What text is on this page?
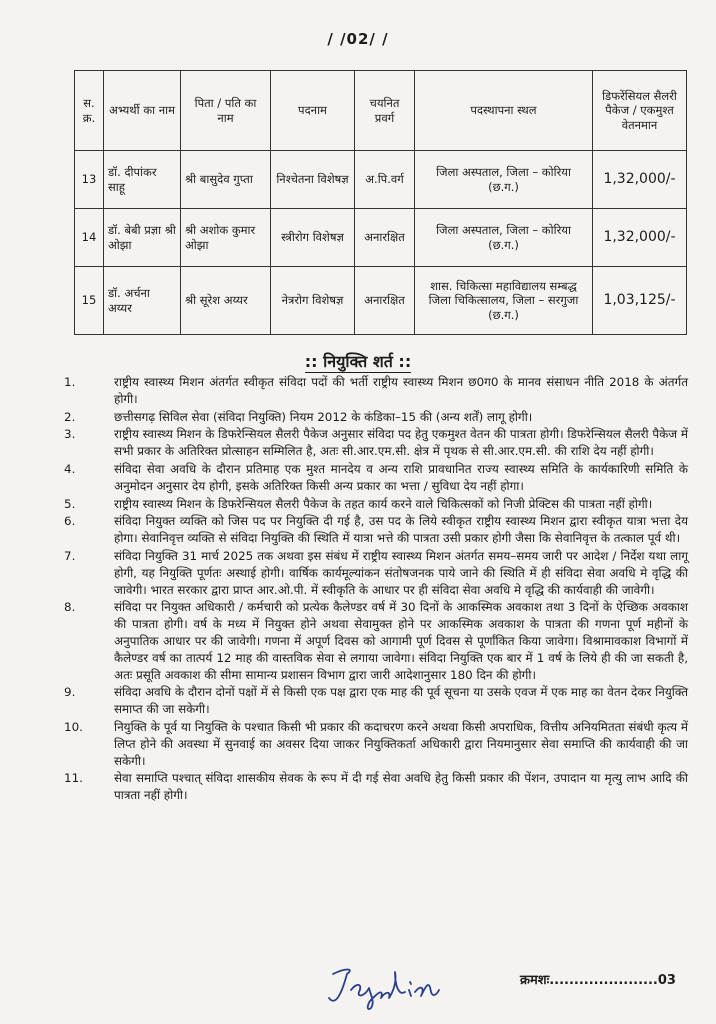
/ /02/ /
स. क्र.	अभ्यर्थी का नाम	पिता / पति का नाम	पदनाम	चयनित प्रवर्ग	पदस्थापना स्थल	डिफरेंसियल सैलरी पैकेज / एकमुश्त वेतनमान
13	डॉ. दीपांकर साहू	श्री बासुदेव गुप्ता	निश्चेतना विशेषज्ञ	अ.पि.वर्ग	जिला अस्पताल, जिला – कोरिया (छ.ग.)	1,32,000/-
14	डॉ. बेबी प्रज्ञा श्री ओझा	श्री अशोक कुमार ओझा	स्त्रीरोग विशेषज्ञ	अनारक्षित	जिला अस्पताल, जिला – कोरिया (छ.ग.)	1,32,000/-
15	डॉ. अर्चना अय्यर	श्री सूरेश अय्यर	नेत्ररोग विशेषज्ञ	अनारक्षित	शास. चिकित्सा महाविद्यालय सम्बद्ध जिला चिकित्सालय, जिला – सरगुजा (छ.ग.)	1,03,125/-
:: नियुक्ति शर्त ::
1.	राष्ट्रीय स्वास्थ्य मिशन अंतर्गत स्वीकृत संविदा पदों की भर्ती राष्ट्रीय स्वास्थ्य मिशन छ0ग0 के मानव संसाधन नीति 2018 के अंतर्गत होगी।
2.	छत्तीसगढ़ सिविल सेवा (संविदा नियुक्ति) नियम 2012 के कंडिका–15 की (अन्य शर्तें) लागू होगी।
3.	राष्ट्रीय स्वास्थ्य मिशन के डिफरेन्सियल सैलरी पैकेज अनुसार संविदा पद हेतु एकमुश्त वेतन की पात्रता होगी। डिफरेन्सियल सैलरी पैकेज में सभी प्रकार के अतिरिक्त प्रोत्साहन सम्मिलित है, अतः सी.आर.एम.सी. क्षेत्र में पृथक से सी.आर.एम.सी. की राशि देय नहीं होगी।
4.	संविदा सेवा अवधि के दौरान प्रतिमाह एक मुश्त मानदेय व अन्य राशि प्रावधानित राज्य स्वास्थ्य समिति के कार्यकारिणी समिति के अनुमोदन अनुसार देय होगी, इसके अतिरिक्त किसी अन्य प्रकार का भत्ता / सुविधा देय नहीं होगा।
5.	राष्ट्रीय स्वास्थ्य मिशन के डिफरेन्सियल सैलरी पैकेज के तहत कार्य करने वाले चिकित्सकों को निजी प्रेक्टिस की पात्रता नहीं होगी।
6.	संविदा नियुक्त व्यक्ति को जिस पद पर नियुक्ति दी गई है, उस पद के लिये स्वीकृत राष्ट्रीय स्वास्थ्य मिशन द्वारा स्वीकृत यात्रा भत्ता देय होगा। सेवानिवृत्त व्यक्ति से संविदा नियुक्ति की स्थिति में यात्रा भत्ते की पात्रता उसी प्रकार होगी जैसा कि सेवानिवृत्त के तत्काल पूर्व थी।
7.	संविदा नियुक्ति 31 मार्च 2025 तक अथवा इस संबंध में राष्ट्रीय स्वास्थ्य मिशन अंतर्गत समय–समय जारी पर आदेश / निर्देश यथा लागू होगी, यह नियुक्ति पूर्णतः अस्थाई होगी। वार्षिक कार्यमूल्यांकन संतोषजनक पाये जाने की स्थिति में ही संविदा सेवा अवधि मे वृद्धि की जावेगी। भारत सरकार द्वारा प्राप्त आर.ओ.पी. में स्वीकृति के आधार पर ही संविदा सेवा अवधि मे वृद्धि की कार्यवाही की जावेगी।
8.	संविदा पर नियुक्त अधिकारी / कर्मचारी को प्रत्येक कैलेण्डर वर्ष में 30 दिनों के आकस्मिक अवकाश तथा 3 दिनों के ऐच्छिक अवकाश की पात्रता होगी। वर्ष के मध्य में नियुक्त होने अथवा सेवामुक्त होने पर आकस्मिक अवकाश के पात्रता की गणना पूर्ण महीनों के अनुपातिक आधार पर की जावेगी। गणना में अपूर्ण दिवस को आगामी पूर्ण दिवस से पूर्णांकित किया जावेगा। विश्रामावकाश विभागों में कैलेण्डर वर्ष का तात्पर्य 12 माह की वास्तविक सेवा से लगाया जावेगा। संविदा नियुक्ति एक बार में 1 वर्ष के लिये ही की जा सकती है, अतः प्रसूति अवकाश की सीमा सामान्य प्रशासन विभाग द्वारा जारी आदेशानुसार 180 दिन की होगी।
9.	संविदा अवधि के दौरान दोनों पक्षों में से किसी एक पक्ष द्वारा एक माह की पूर्व सूचना या उसके एवज में एक माह का वेतन देकर नियुक्ति समाप्त की जा सकेगी।
10.	नियुक्ति के पूर्व या नियुक्ति के पश्चात किसी भी प्रकार की कदाचरण करने अथवा किसी अपराधिक, वित्तीय अनियमितता संबंधी कृत्य में लिप्त होने की अवस्था में सुनवाई का अवसर दिया जाकर नियुक्तिकर्ता अधिकारी द्वारा नियमानुसार सेवा समाप्ति की कार्यवाही की जा सकेगी।
11.	सेवा समाप्ति पश्चात् संविदा शासकीय सेवक के रूप में दी गई सेवा अवधि हेतु किसी प्रकार की पेंशन, उपादान या मृत्यु लाभ आदि की पात्रता नहीं होगी।
क्रमशः......................03
